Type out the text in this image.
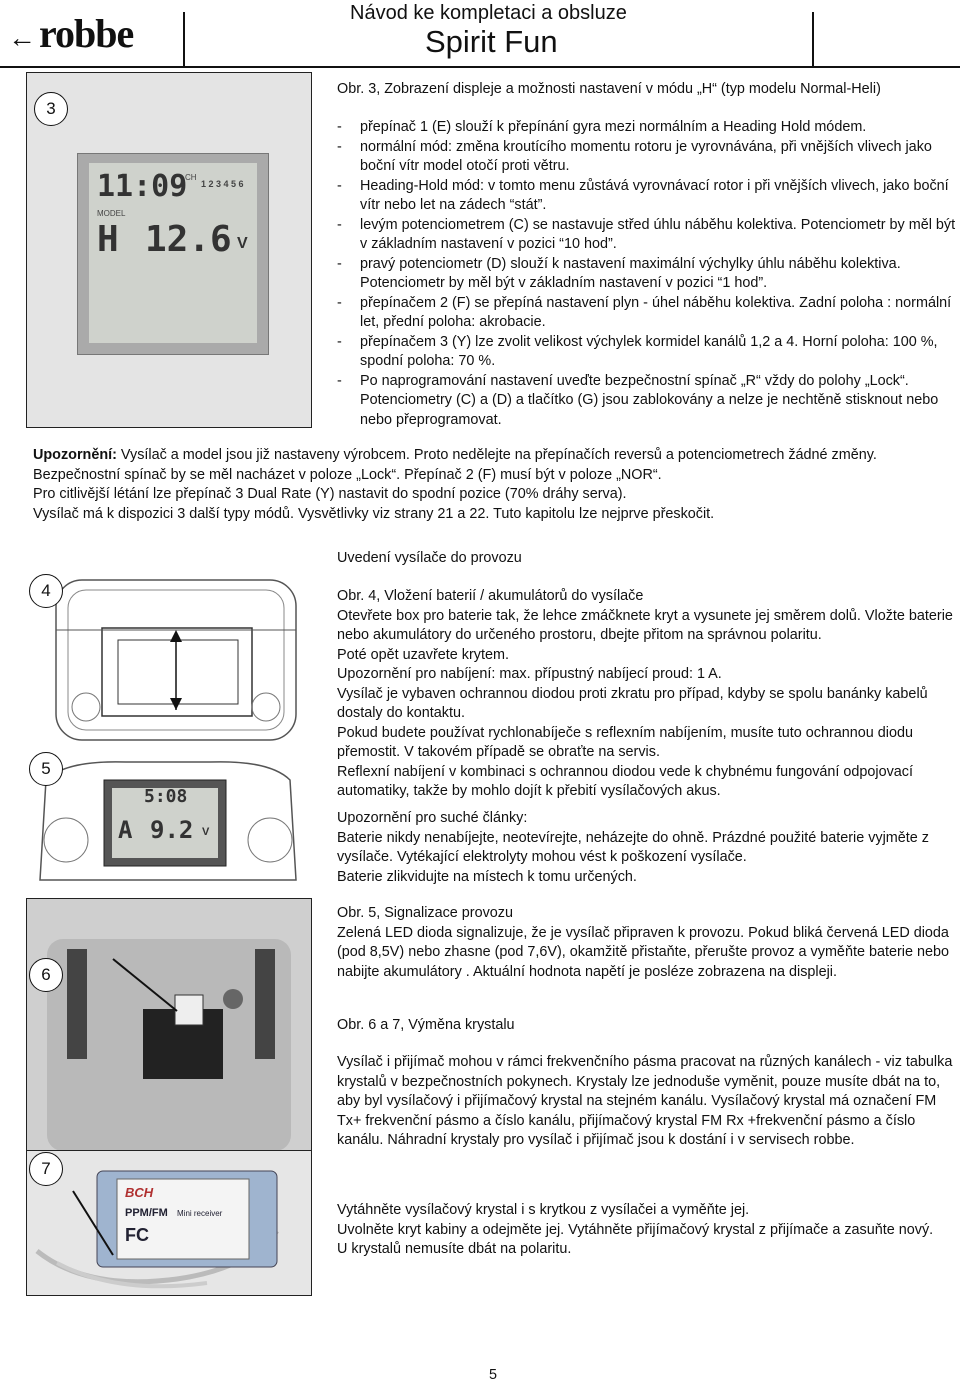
← robbe	Návod ke kompletaci a obsluze
Spirit Fun
11:09
CH
1 2 3 4 5 6
MODEL
H 12.6 V
3
Obr. 3, Zobrazení displeje a možnosti nastavení v módu „H“ (typ modelu Normal-Heli)
- přepínač 1 (E) slouží k přepínání gyra mezi normálním a Heading Hold módem.
- normální mód: změna kroutícího momentu rotoru je vyrovnávána, při vnějších vlivech jako boční vítr model otočí proti větru.
- Heading-Hold mód: v tomto menu zůstává vyrovnávací rotor i při vnějších vlivech, jako boční vítr nebo let na zádech “stát”.
- levým potenciometrem (C) se nastavuje střed úhlu náběhu kolektiva. Potenciometr by měl být v základním nastavení v pozici “10 hod”.
- pravý potenciometr (D) slouží k nastavení maximální výchylky úhlu náběhu kolektiva. Potenciometr by měl být v základním nastavení v pozici “1 hod”.
- přepínačem 2 (F) se přepíná nastavení plyn - úhel náběhu kolektiva. Zadní poloha : normální let, přední poloha: akrobacie.
- přepínačem 3 (Y) lze zvolit velikost výchylek kormidel kanálů 1,2 a 4. Horní poloha: 100 %, spodní poloha: 70 %.
- Po naprogramování nastavení uveďte bezpečnostní spínač „R“ vždy do polohy „Lock“. Potenciometry (C) a (D) a tlačítko (G) jsou zablokovány a nelze je nechtěně stisknout nebo nebo přeprogramovat.

Upozornění: Vysílač a model jsou již nastaveny výrobcem. Proto nedělejte na přepínačích reversů a potenciometrech žádné změny.

Bezpečnostní spínač by se měl nacházet v poloze „Lock“. Přepínač 2 (F) musí být v poloze „NOR“.

Pro citlivější létání lze přepínač 3 Dual Rate (Y) nastavit do spodní pozice (70% dráhy serva).

Vysílač má k dispozici 3 další typy módů. Vysvětlivky viz strany 21 a 22. Tuto kapitolu lze nejprve přeskočit.

Uvedení vysílače do provozu
4
5:08
A 9.2 V
5
6
BCH
PPM/FM Mini receiver
FC
7

Obr. 4, Vložení baterií / akumulátorů do vysílače

Otevřete box pro baterie tak, že lehce zmáčknete kryt a vysunete jej směrem dolů. Vložte baterie nebo akumulátory do určeného prostoru, dbejte přitom na správnou polaritu.

Poté opět uzavřete krytem.

Upozornění pro nabíjení: max. přípustný nabíjecí proud: 1 A.

Vysílač je vybaven ochrannou diodou proti zkratu pro případ, kdyby se spolu banánky kabelů dostaly do kontaktu.

Pokud budete používat rychlonabíječe s reflexním nabíjením, musíte tuto ochrannou diodu přemostit. V takovém případě se obraťte na servis.

Reflexní nabíjení v kombinaci s ochrannou diodou vede k chybnému fungování odpojovací automatiky, takže by mohlo dojít k přebití vysílačových akus.

Upozornění pro suché články:

Baterie nikdy nenabíjejte, neotevírejte, neházejte do ohně. Prázdné použité baterie vyjměte z vysílače. Vytékající elektrolyty mohou vést k poškození vysílače.

Baterie zlikvidujte na místech k tomu určených.

Obr. 5, Signalizace provozu

Zelená LED dioda signalizuje, že je vysílač připraven k provozu. Pokud bliká červená LED dioda (pod 8,5V) nebo zhasne (pod 7,6V), okamžitě přistaňte, přerušte provoz a vyměňte baterie nebo nabijte akumulátory . Aktuální hodnota napětí je posléze zobrazena na displeji.

Obr. 6 a 7, Výměna krystalu
Vysílač i přijímač mohou v rámci frekvenčního pásma pracovat na různých kanálech - viz tabulka krystalů v bezpečnostních pokynech. Krystaly lze jednoduše vyměnit, pouze musíte dbát na to, aby byl vysílačový i přijímačový krystal na stejném kanálu. Vysílačový krystal má označení FM Tx+ frekvenční pásmo a číslo kanálu, přijímačový krystal FM Rx +frekvenční pásmo a číslo kanálu. Náhradní krystaly pro vysílač i přijímač jsou k dostání i v servisech robbe.

Vytáhněte vysílačový krystal i s krytkou z vysílačei a vyměňte jej.

Uvolněte kryt kabiny a odejměte jej. Vytáhněte přijímačový krystal z přijímače a zasuňte nový.

U krystalů nemusíte dbát na polaritu.

5
